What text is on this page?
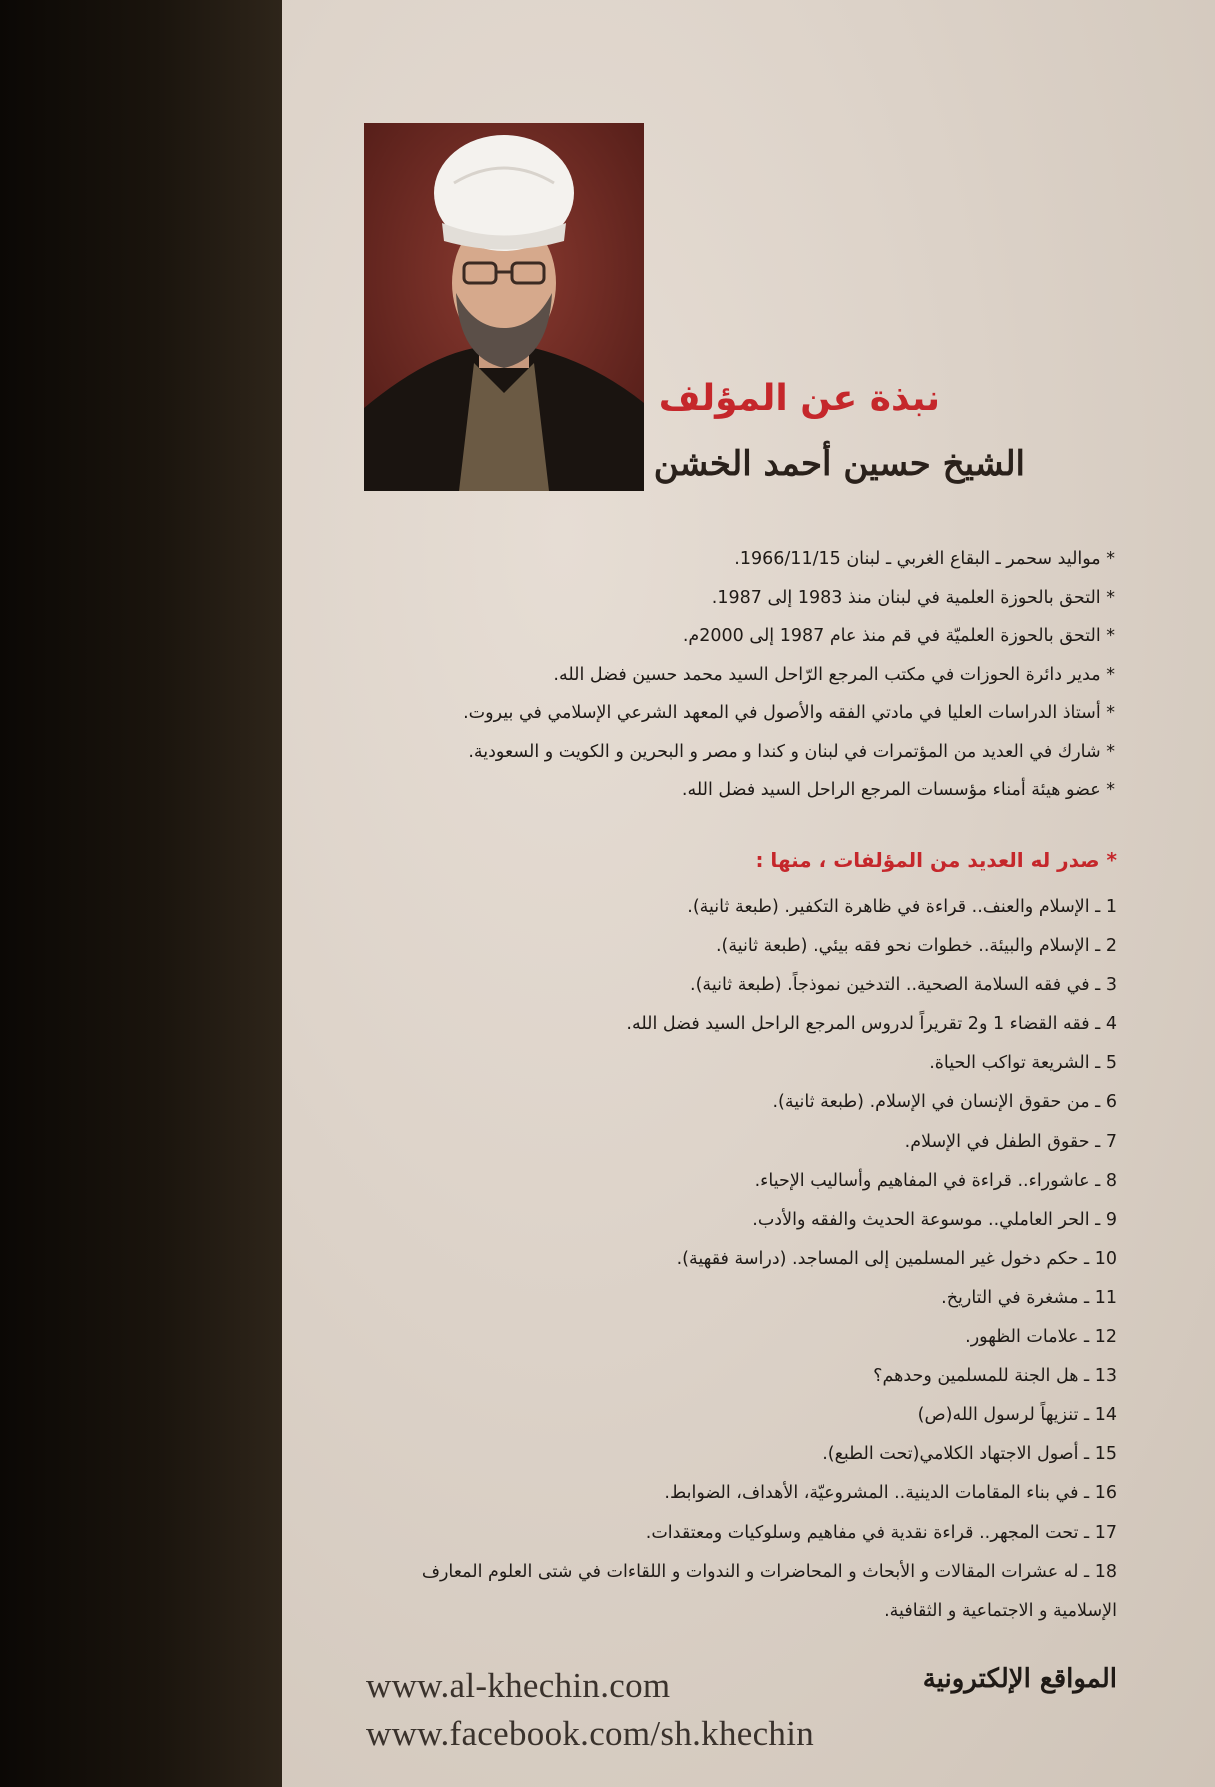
نبذة عن المؤلف
الشيخ حسين أحمد الخشن
* مواليد سحمر ـ البقاع الغربي ـ لبنان 1966/11/15.
* التحق بالحوزة العلمية في لبنان منذ 1983 إلى 1987.
* التحق بالحوزة العلميّة في قم منذ عام 1987 إلى 2000م.
* مدير دائرة الحوزات في مكتب المرجع الرّاحل السيد محمد حسين فضل الله.
* أستاذ الدراسات العليا في مادتي الفقه والأصول في المعهد الشرعي الإسلامي في بيروت.
* شارك في العديد من المؤتمرات في لبنان و كندا و مصر و البحرين و الكويت و السعودية.
* عضو هيئة أمناء مؤسسات المرجع الراحل السيد فضل الله.
* صدر له العديد من المؤلفات ، منها :
1 ـ الإسلام والعنف.. قراءة في ظاهرة التكفير. (طبعة ثانية).
2 ـ الإسلام والبيئة.. خطوات نحو فقه بيئي. (طبعة ثانية).
3 ـ في فقه السلامة الصحية.. التدخين نموذجاً. (طبعة ثانية).
4 ـ فقه القضاء 1 و2 تقريراً لدروس المرجع الراحل السيد فضل الله.
5 ـ الشريعة تواكب الحياة.
6 ـ من حقوق الإنسان في الإسلام. (طبعة ثانية).
7 ـ حقوق الطفل في الإسلام.
8 ـ عاشوراء.. قراءة في المفاهيم وأساليب الإحياء.
9 ـ الحر العاملي.. موسوعة الحديث والفقه والأدب.
10 ـ حكم دخول غير المسلمين إلى المساجد. (دراسة فقهية).
11 ـ مشغرة في التاريخ.
12 ـ علامات الظهور.
13 ـ هل الجنة للمسلمين وحدهم؟
14 ـ تنزيهاً لرسول الله(ص)
15 ـ أصول الاجتهاد الكلامي(تحت الطبع).
16 ـ في بناء المقامات الدينية.. المشروعيّة، الأهداف، الضوابط.
17 ـ تحت المجهر.. قراءة نقدية في مفاهيم وسلوكيات ومعتقدات.
18 ـ له عشرات المقالات و الأبحاث و المحاضرات و الندوات و اللقاءات في شتى العلوم المعارف الإسلامية و الاجتماعية و الثقافية.

المواقع الإلكترونية

www.al-khechin.com

www.facebook.com/sh.khechin
